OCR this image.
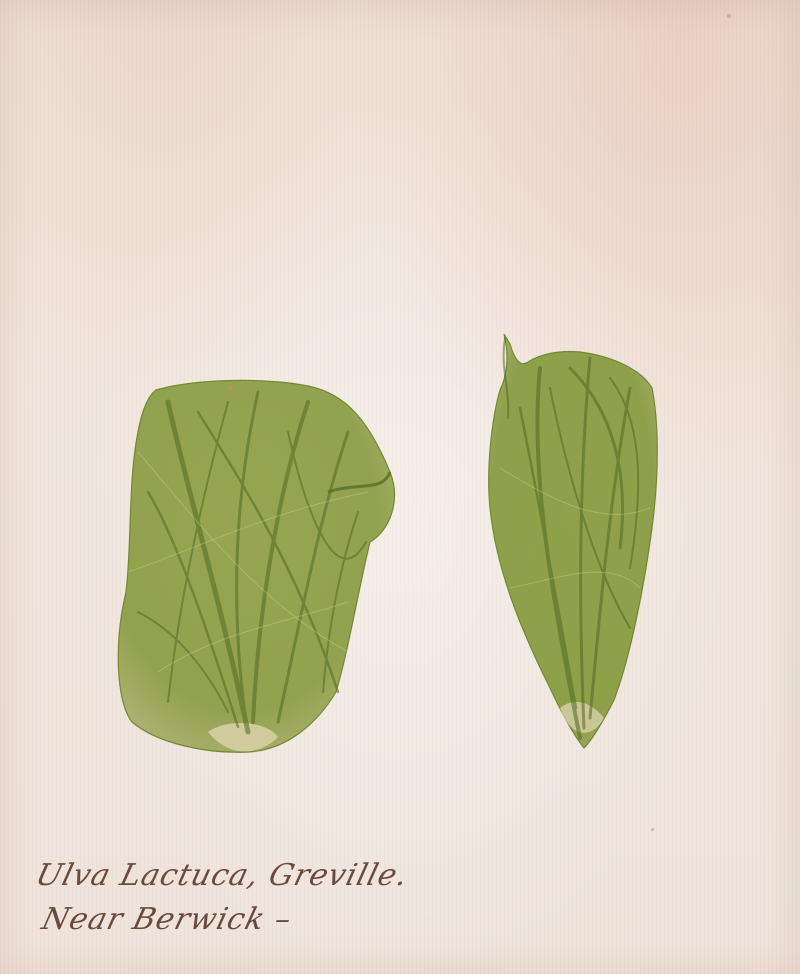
Ulva Lactuca, Greville.
Near Berwick –
